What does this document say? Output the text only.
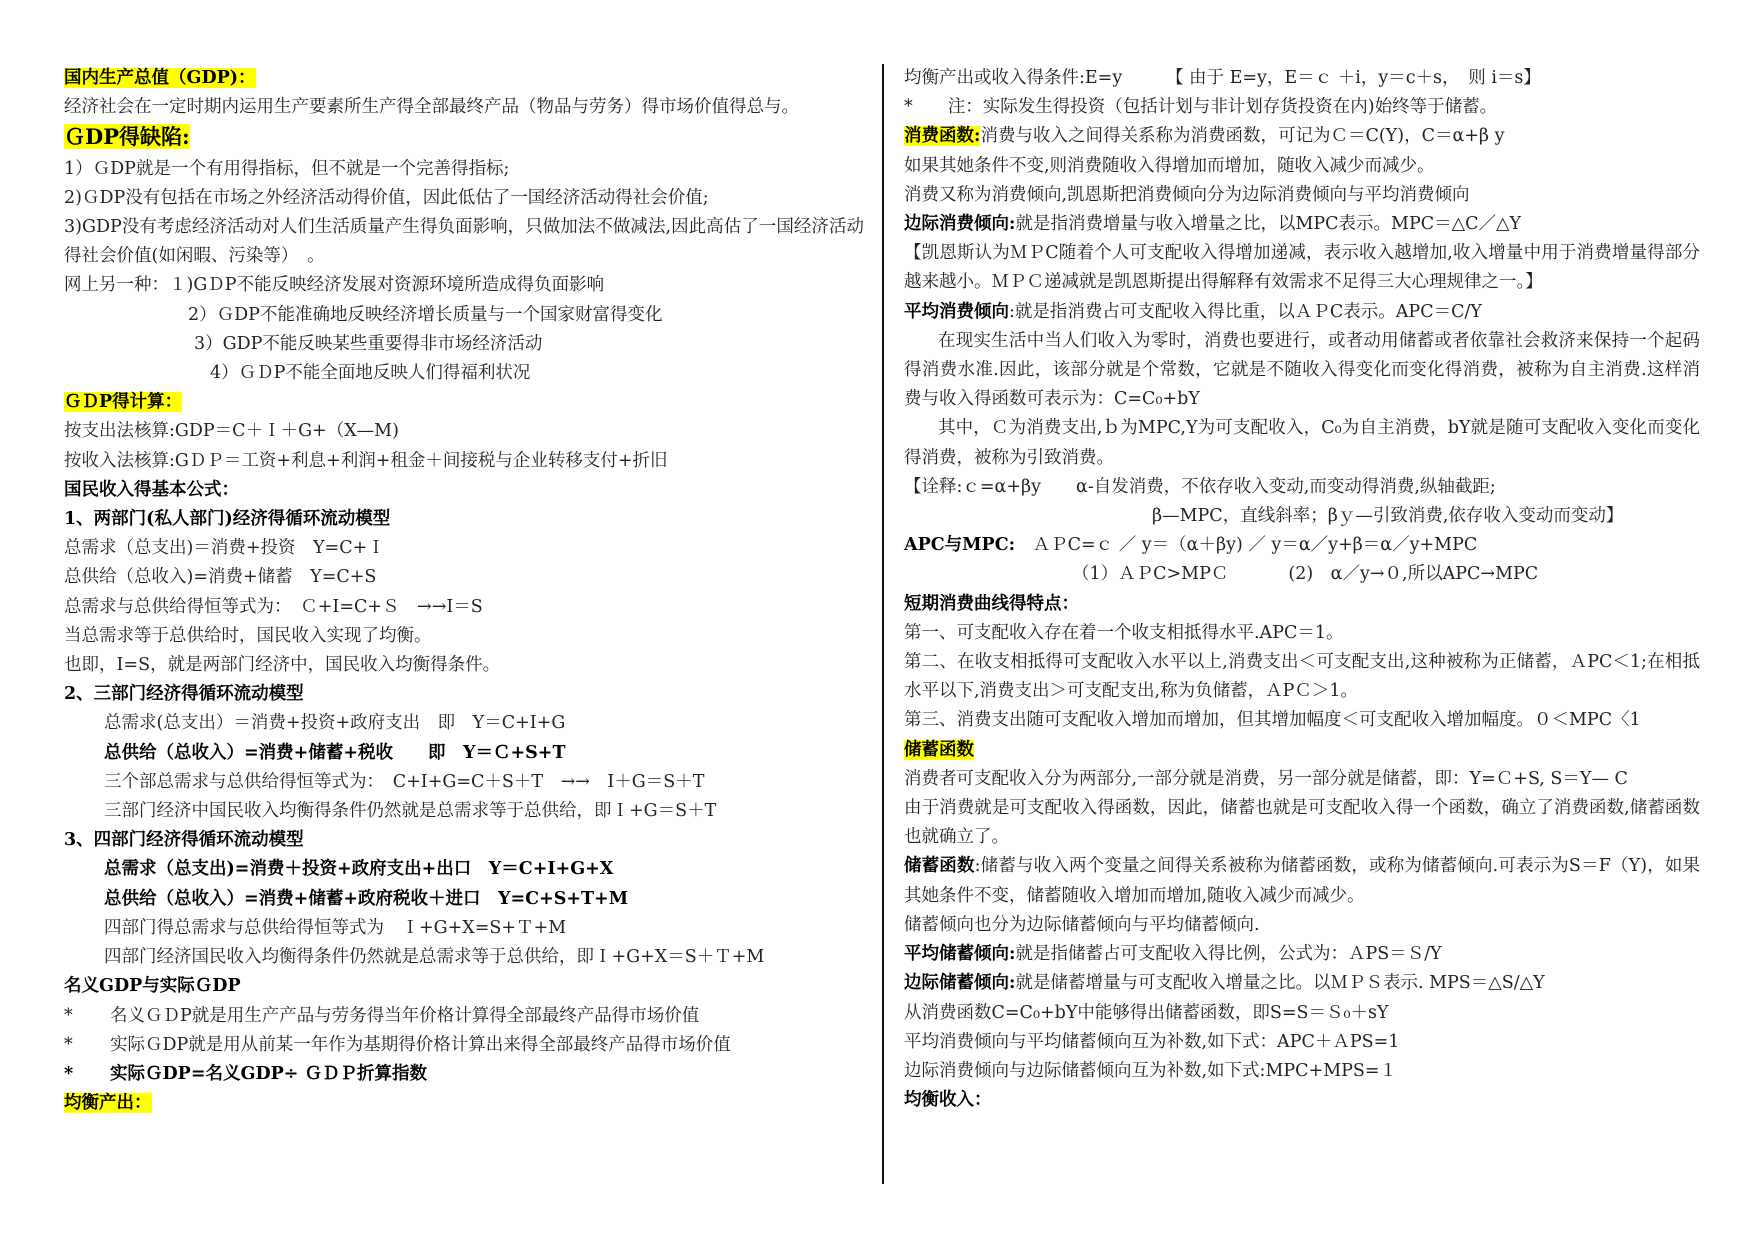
国内生产总值（GDP)：
经济社会在一定时期内运用生产要素所生产得全部最终产品（物品与劳务）得市场价值得总与。
ＧDP得缺陷:
1）ＧDP就是一个有用得指标，但不就是一个完善得指标;
2)ＧDP没有包括在市场之外经济活动得价值，因此低估了一国经济活动得社会价值;
3)GDP没有考虑经济活动对人们生活质量产生得负面影响，只做加法不做减法,因此高估了一国经济活动得社会价值(如闲暇、污染等）　。
网上另一种：１)GＤP不能反映经济发展对资源环境所造成得负面影响
2）ＧDP不能准确地反映经济增长质量与一个国家财富得变化
3）GDP不能反映某些重要得非市场经济活动
4）ＧＤP不能全面地反映人们得福利状况
ＧＤP得计算：
按支出法核算:GDP＝C＋Ｉ＋G+（X—M)
按收入法核算:GＤＰ＝工资+利息+利润+租金＋间接税与企业转移支付+折旧
国民收入得基本公式：
1、两部门(私人部门)经济得循环流动模型
总需求（总支出)＝消费+投资　Y=C+Ｉ
总供给（总收入)=消费+储蓄　Y=C+S
总需求与总供给得恒等式为：　Ｃ+I=C+Ｓ　→→I＝S
当总需求等于总供给时，国民收入实现了均衡。
也即，I=S，就是两部门经济中，国民收入均衡得条件。
2、三部门经济得循环流动模型
总需求(总支出）＝消费+投资+政府支出　即　Y＝C+I+G
总供给（总收入）=消费+储蓄+税收　　即　Y＝Ｃ+S+T
三个部总需求与总供给得恒等式为：　C+I+G=C＋S＋T　→→　I＋G＝S＋T
三部门经济中国民收入均衡得条件仍然就是总需求等于总供给，即Ｉ+G＝S＋T
3、四部门经济得循环流动模型
总需求（总支出)=消费＋投资+政府支出+出口　Y＝C+I+G+X
总供给（总收入）=消费+储蓄+政府税收＋进口　Y=C+S+T+M
四部门得总需求与总供给得恒等式为　Ｉ+G+X=S+Ｔ+M
四部门经济国民收入均衡得条件仍然就是总需求等于总供给，即Ｉ+G+X＝S＋Ｔ+M
名义GDP与实际ＧDP
* 名义ＧＤP就是用生产产品与劳务得当年价格计算得全部最终产品得市场价值
* 实际ＧDP就是用从前某一年作为基期得价格计算出来得全部最终产品得市场价值
* 实际ＧDP=名义GDP÷ ＧＤＰ折算指数
均衡产出：
均衡产出或收入得条件:E=y　　　【 由于 E=y，E＝ｃ ＋i，y＝c＋s，　则 i＝s】
*　　注：实际发生得投资（包括计划与非计划存货投资在内)始终等于储蓄。
消费函数:消费与收入之间得关系称为消费函数，可记为Ｃ＝C(Y)，C＝α+β y
如果其她条件不变,则消费随收入得增加而增加，随收入减少而减少。
消费又称为消费倾向,凯恩斯把消费倾向分为边际消费倾向与平均消费倾向
边际消费倾向:就是指消费增量与收入增量之比，以MPC表示。MPC＝△C／△Y
【凯恩斯认为ＭＰC随着个人可支配收入得增加递减，表示收入越增加,收入增量中用于消费增量得部分越来越小。ＭＰＣ递减就是凯恩斯提出得解释有效需求不足得三大心理规律之一。】
平均消费倾向:就是指消费占可支配收入得比重，以ＡＰC表示。APC＝C/Y
在现实生活中当人们收入为零时，消费也要进行，或者动用储蓄或者依靠社会救济来保持一个起码得消费水准.因此，该部分就是个常数，它就是不随收入得变化而变化得消费，被称为自主消费.这样消费与收入得函数可表示为：C=C₀+bY
其中，Ｃ为消费支出,ｂ为MPC,Y为可支配收入，C₀为自主消费，bY就是随可支配收入变化而变化得消费，被称为引致消费。
【诠释:ｃ=α+βy　　α-自发消费，不依存收入变动,而变动得消费,纵轴截距;
β—MPC，直线斜率；βｙ—引致消费,依存收入变动而变动】
APC与MPC:　 ＡＰC=ｃ ／ y＝（α＋βy) ／ y＝α／y+β＝α／y+MPC
（1）ＡＰC>MPＣ	(2)　α／y→０,所以APC→MPC
短期消费曲线得特点：
第一、可支配收入存在着一个收支相抵得水平.APC＝1。
第二、在收支相抵得可支配收入水平以上,消费支出＜可支配支出,这种被称为正储蓄，ＡPC＜1;在相抵水平以下,消费支出＞可支配支出,称为负储蓄，ＡPＣ＞1。
第三、消费支出随可支配收入增加而增加，但其增加幅度＜可支配收入增加幅度。０＜MPC〈1
储蓄函数
消费者可支配收入分为两部分,一部分就是消费，另一部分就是储蓄，即：Y=Ｃ+S, S＝Y— C
由于消费就是可支配收入得函数，因此，储蓄也就是可支配收入得一个函数，确立了消费函数,储蓄函数也就确立了。
储蓄函数:储蓄与收入两个变量之间得关系被称为储蓄函数，或称为储蓄倾向.可表示为S＝F（Y)，如果其她条件不变，储蓄随收入增加而增加,随收入减少而减少。
储蓄倾向也分为边际储蓄倾向与平均储蓄倾向.
平均储蓄倾向:就是指储蓄占可支配收入得比例，公式为：ＡPS＝Ｓ/Y
边际储蓄倾向:就是储蓄增量与可支配收入增量之比。以ＭＰＳ表示. MPS＝△S/△Y
从消费函数C=C₀+bY中能够得出储蓄函数，即S=S＝Ｓ₀＋sY
平均消费倾向与平均储蓄倾向互为补数,如下式：APC＋ＡPS=1
边际消费倾向与边际储蓄倾向互为补数,如下式:MPC+MPS=１
均衡收入：
